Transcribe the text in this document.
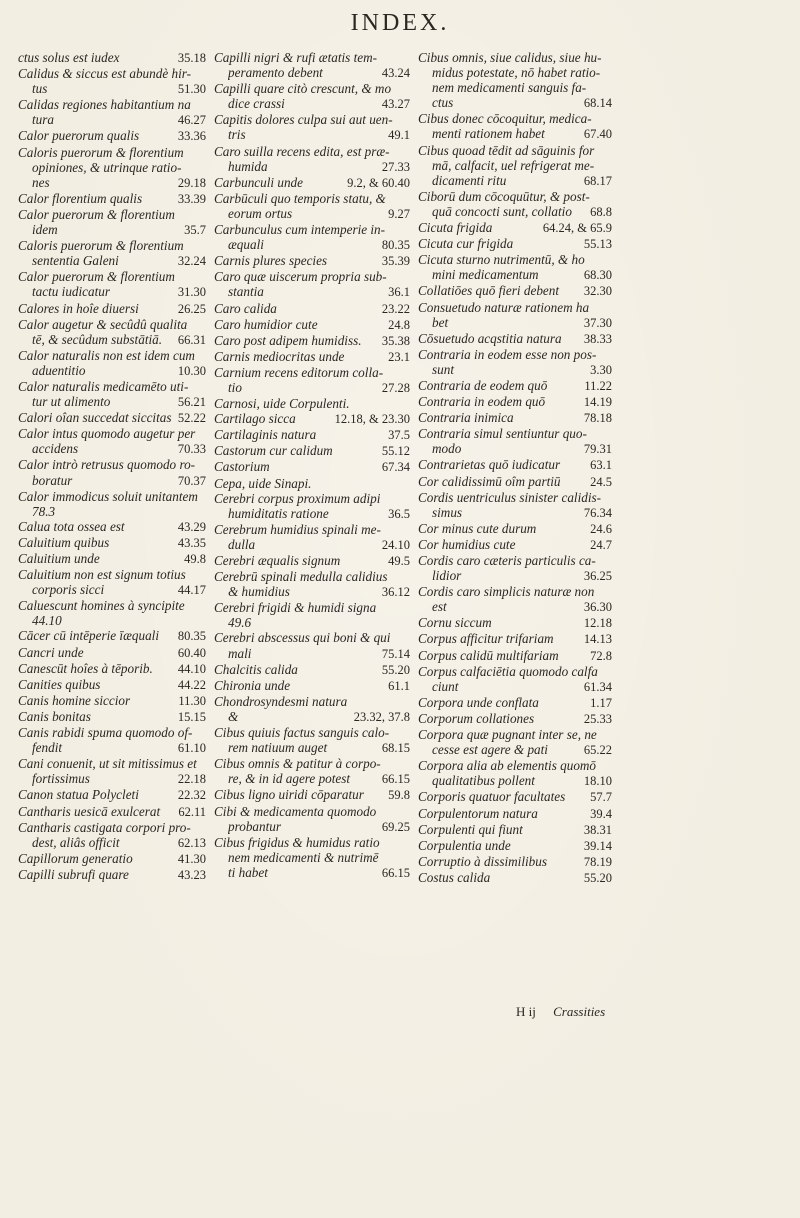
INDEX.
ctus solus est iudex	35.18
Calidus & siccus est abundè hir-
tus	51.30
Calidas regiones habitantium na
tura	46.27
Calor puerorum qualis	33.36
Caloris puerorum & florentium
opiniones, & utrinque ratio-
nes	29.18
Calor florentium qualis	33.39
Calor puerorum & florentium
idem	35.7
Caloris puerorum & florentium
sententia Galeni	32.24
Calor puerorum & florentium
tactu iudicatur	31.30
Calores in hoîe diuersi	26.25
Calor augetur & secûdû qualita
tē, & secûdum substātiā.	66.31
Calor naturalis non est idem cum
aduentitio	10.30
Calor naturalis medicamēto uti-
tur ut alimento	56.21
Calori oîan succedat siccitas 52.22
Calor intus quomodo augetur per
accidens	70.33
Calor intrò retrusus quomodo ro-
boratur	70.37
Calor immodicus soluit unitantem
78.3
Calua tota ossea est	43.29
Caluitium quibus	43.35
Caluitium unde	49.8
Caluitium non est signum totius
corporis sicci	44.17
Caluescunt homines à syncipite
44.10
Cācer cū intēperie īæquali	80.35
Cancri unde	60.40
Canescūt hoîes à tēporib.	44.10
Canities quibus	44.22
Canis homine siccior	11.30
Canis bonitas	15.15
Canis rabidi spuma quomodo of-
fendit	61.10
Cani conuenit, ut sit mitissimus et
fortissimus	22.18
Canon statua Polycleti	22.32
Cantharis uesicā exulcerat	62.11
Cantharis castigata corpori pro-
dest, aliâs officit	62.13
Capillorum generatio	41.30
Capilli subrufi quare	43.23
Capilli nigri & rufi ætatis tem-
peramento debent	43.24
Capilli quare citò crescunt, & mo
dice crassi	43.27
Capitis dolores culpa sui aut uen-
tris	49.1
Caro suilla recens edita, est præ-
humida	27.33
Carbunculi unde	9.2, & 60.40
Carbūculi quo temporis statu, &
eorum ortus	9.27
Carbunculus cum intemperie in-
æquali	80.35
Carnis plures species	35.39
Caro quæ uiscerum propria sub-
stantia	36.1
Caro calida	23.22
Caro humidior cute	24.8
Caro post adipem humidiss.	35.38
Carnis mediocritas unde	23.1
Carnium recens editorum colla-
tio	27.28
Carnosi, uide Corpulenti.
Cartilago sicca	12.18, & 23.30
Cartilaginis natura	37.5
Castorum cur calidum	55.12
Castorium	67.34
Cepa, uide Sinapi.
Cerebri corpus proximum adipi
humiditatis ratione	36.5
Cerebrum humidius spinali me-
dulla	24.10
Cerebri æqualis signum	49.5
Cerebrū spinali medulla calidius
& humidius	36.12
Cerebri frigidi & humidi signa
49.6
Cerebri abscessus qui boni & qui
mali	75.14
Chalcitis calida	55.20
Chironia unde	61.1
Chondrosyndesmi natura
&	23.32, 37.8
Cibus quiuis factus sanguis calo-
rem natiuum auget	68.15
Cibus omnis & patitur à corpo-
re, & in id agere potest	66.15
Cibus ligno uiridi cōparatur	59.8
Cibi & medicamenta quomodo
probantur	69.25
Cibus frigidus & humidus ratio
nem medicamenti & nutrimē
ti habet	66.15
Cibus omnis, siue calidus, siue hu-
midus potestate, nō habet ratio-
nem medicamenti sanguis fa-
ctus	68.14
Cibus donec cōcoquitur, medica-
menti rationem habet	67.40
Cibus quoad tēdit ad sāguinis for
mā, calfacit, uel refrigerat me-
dicamenti ritu	68.17
Ciborū dum cōcoquūtur, & post-
quā concocti sunt, collatio	68.8
Cicuta frigida	64.24, & 65.9
Cicuta cur frigida	55.13
Cicuta sturno nutrimentū, & ho
mini medicamentum	68.30
Collatiōes quō fieri debent	32.30
Consuetudo naturæ rationem ha
bet	37.30
Cōsuetudo acqstitia natura	38.33
Contraria in eodem esse non pos-
sunt	3.30
Contraria de eodem quō	11.22
Contraria in eodem quō	14.19
Contraria inimica	78.18
Contraria simul sentiuntur quo-
modo	79.31
Contrarietas quō iudicatur	63.1
Cor calidissimū oîm partiū	24.5
Cordis uentriculus sinister calidis-
simus	76.34
Cor minus cute durum	24.6
Cor humidius cute	24.7
Cordis caro cæteris particulis ca-
lidior	36.25
Cordis caro simplicis naturæ non
est	36.30
Cornu siccum	12.18
Corpus afficitur trifariam	14.13
Corpus calidū multifariam	72.8
Corpus calfaciētia quomodo calfa
ciunt	61.34
Corpora unde conflata	1.17
Corporum collationes	25.33
Corpora quæ pugnant inter se, ne
cesse est agere & pati	65.22
Corpora alia ab elementis quomō
qualitatibus pollent	18.10
Corporis quatuor facultates	57.7
Corpulentorum natura	39.4
Corpulenti qui fiunt	38.31
Corpulentia unde	39.14
Corruptio à dissimilibus	78.19
Costus calida	55.20
H ij Crassities
